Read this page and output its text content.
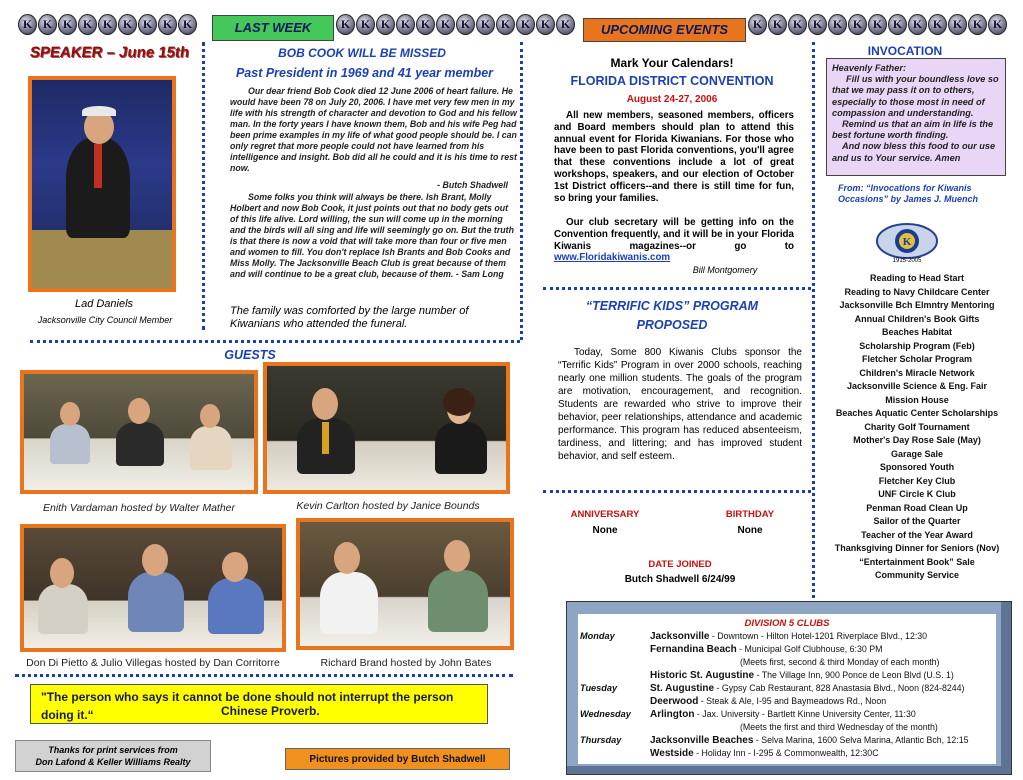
K K K K K K K K K	K K K K K K K K K K K K	K K K K K K K K K K K K K
LAST WEEK	UPCOMING EVENTS
SPEAKER – June 15th
Lad Daniels
Jacksonville City Council Member
BOB COOK WILL BE MISSED
Past President in 1969 and 41 year member
Our dear friend Bob Cook died 12 June 2006 of heart failure. He would have been 78 on July 20, 2006. I have met very few men in my life with his strength of character and devotion to God and his fellow man. In the forty years I have known them, Bob and his wife Peg had been prime examples in my life of what good people should be. I can only regret that more people could not have learned from his intelligence and insight. Bob did all he could and it is his time to rest now.
- Butch Shadwell
Some folks you think will always be there. Ish Brant, Molly Holbert and now Bob Cook, it just points out that no body gets out of this life alive. Lord willing, the sun will come up in the morning and the birds will all sing and life will seemingly go on. But the truth is that there is now a void that will take more than four or five men and women to fill. You don't replace Ish Brants and Bob Cooks and Miss Molly. The Jacksonville Beach Club is great because of them and will continue to be a great club, because of them. - Sam Long
The family was comforted by the large number of Kiwanians who attended the funeral.
GUESTS
Enith Vardaman hosted by Walter Mather	Kevin Carlton hosted by Janice Bounds
Don Di Pietto & Julio Villegas hosted by Dan Corritorre	Richard Brand hosted by John Bates
"The person who says it cannot be done should not interrupt the person doing it.“	Chinese Proverb.
Thanks for print services from
Don Lafond & Keller Williams Realty	Pictures provided by Butch Shadwell
Mark Your Calendars!
FLORIDA DISTRICT CONVENTION
August 24-27, 2006
All new members, seasoned members, officers and Board members should plan to attend this annual event for Florida Kiwanians. For those who have been to past Florida conventions, you'll agree that these conventions include a lot of great workshops, speakers, and our election of October 1st District officers--and there is still time for fun, so bring your families.
Our club secretary will be getting info on the Convention frequently, and it will be in your Florida Kiwanis magazines--or go to www.Floridakiwanis.com
Bill Montgomery
“TERRIFIC KIDS” PROGRAM
PROPOSED
Today, Some 800 Kiwanis Clubs sponsor the “Terrific Kids” Program in over 2000 schools, reaching nearly one million students. The goals of the program are motivation, encouragement, and recognition. Students are rewarded who strive to improve their behavior, peer relationships, attendance and academic performance. This program has reduced absenteeism, tardiness, and littering; and has improved student behavior, and self esteem.
ANNIVERSARY
None
BIRTHDAY
None
DATE JOINED
Butch Shadwell 6/24/99
INVOCATION
Heavenly Father:
Fill us with your boundless love so that we may pass it on to others, especially to those most in need of compassion and understanding.
Remind us that an aim in life is the best fortune worth finding.
And now bless this food to our use and us to Your service. Amen
From: “Invocations for Kiwanis Occasions” by James J. Muench
K
1915-2005
Reading to Head Start
Reading to Navy Childcare Center
Jacksonville Bch Elmntry Mentoring
Annual Children's Book Gifts
Beaches Habitat
Scholarship Program (Feb)
Fletcher Scholar Program
Children's Miracle Network
Jacksonville Science & Eng. Fair
Mission House
Beaches Aquatic Center Scholarships
Charity Golf Tournament
Mother's Day Rose Sale (May)
Garage Sale
Sponsored Youth
Fletcher Key Club
UNF Circle K Club
Penman Road Clean Up
Sailor of the Quarter
Teacher of the Year Award
Thanksgiving Dinner for Seniors (Nov)
“Entertainment Book” Sale
Community Service
DIVISION 5 CLUBS
Monday	Jacksonville - Downtown - Hilton Hotel-1201 Riverplace Blvd., 12:30
Fernandina Beach - Municipal Golf Clubhouse, 6:30 PM
(Meets first, second & third Monday of each month)
Historic St. Augustine - The Village Inn, 900 Ponce de Leon Blvd (U.S. 1)
Tuesday	St. Augustine - Gypsy Cab Restaurant, 828 Anastasia Blvd., Noon (824-8244)
Deerwood - Steak & Ale, I-95 and Baymeadows Rd., Noon
Wednesday	Arlington - Jax. University - Bartlett Kinne University Center, 11:30
(Meets the first and third Wednesday of the month)
Thursday	Jacksonville Beaches - Selva Marina, 1600 Selva Marina, Atlantic Bch, 12:15
Westside - Holiday Inn - I-295 & Commonwealth, 12:30C
